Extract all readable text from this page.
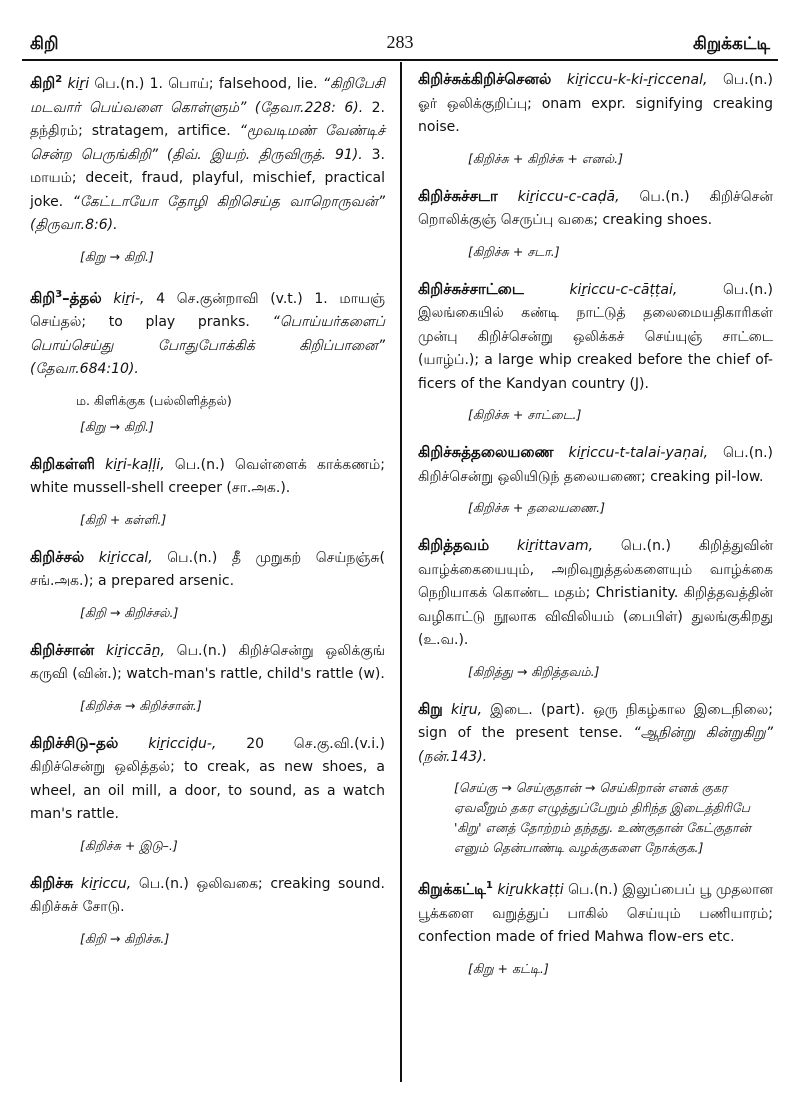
கிறி	283	கிறுக்கட்டி

கிறி$^2$ kiṟi பெ.(n.) 1. பொய்; falsehood, lie. “கிறிபேசி மடவார் பெய்வளை கொள்ளும்” (தேவா.228: 6). 2. தந்திரம்; stratagem, artifice. “மூவடிமண் வேண்டிச் சென்ற பெருங்கிறி” (திவ். இயற். திருவிருத். 91). 3. மாயம்; deceit, fraud, playful, mischief, practical joke. “கேட்டாயோ தோழி கிறிசெய்த வாறொருவன்” (திருவா.8:6).

[கிறு → கிறி.]

கிறி$^3$–த்தல் kiṟi-, 4 செ.குன்றாவி (v.t.) 1. மாயஞ் செய்தல்; to play pranks. “பொய்யர்களைப் பொய்செய்து போதுபோக்கிக் கிறிப்பானை” (தேவா.684:10).

ம. கிளிக்குக (பல்லிளித்தல்)
[கிறு → கிறி.]

கிறிகள்ளி kiṟi-kaḷḷi, பெ.(n.) வெள்ளைக் காக்கணம்; white mussell-shell creeper (சா.அக.).

[கிறி + கள்ளி.]

கிறிச்சல் kiṟiccal, பெ.(n.) தீ முறுகற் செய்நஞ்சு( சங்.அக.); a prepared arsenic.

[கிறி → கிறிச்சல்.]

கிறிச்சான் kiṟiccāṉ, பெ.(n.) கிறிச்சென்று ஒலிக்குங் கருவி (வின்.); watch-man's rattle, child's rattle (w).

[கிறிச்சு → கிறிச்சான்.]

கிறிச்சிடு–தல் kiṟicciḍu-, 20 செ.கு.வி.(v.i.) கிறிச்சென்று ஒலித்தல்; to creak, as new shoes, a wheel, an oil mill, a door, to sound, as a watch man's rattle.

[கிறிச்சு + இடு–.]

கிறிச்சு kiṟiccu, பெ.(n.) ஒலிவகை; creaking sound. கிறிச்சுச் சோடு.

[கிறி → கிறிச்சு.]

கிறிச்சுக்கிறிச்செனல் kiṟiccu-k-ki-ṟiccenal, பெ.(n.) ஓர் ஒலிக்குறிப்பு; onam expr. signifying creaking noise.

[கிறிச்சு + கிறிச்சு + எனல்.]

கிறிச்சுச்சடா kiṟiccu-c-caḍā, பெ.(n.) கிறிச்சென் றொலிக்குஞ் செருப்பு வகை; creaking shoes.

[கிறிச்சு + சடா.]

கிறிச்சுச்சாட்டை	kiṟiccu-c-cāṭṭai, பெ.(n.) இலங்கையில் கண்டி நாட்டுத் தலைமையதிகாரிகள் முன்பு கிறிச்சென்று ஒலிக்கச் செய்யுஞ் சாட்டை (யாழ்ப்.); a large whip creaked before the chief of-ficers of the Kandyan country (J).

[கிறிச்சு + சாட்டை.]

கிறிச்சுத்தலையணை kiṟiccu-t-talai-yaṇai, பெ.(n.) கிறிச்சென்று ஒலியிடுந் தலையணை; creaking pil-low.

[கிறிச்சு + தலையணை.]

கிறித்தவம் kiṟittavam, பெ.(n.) கிறித்துவின் வாழ்க்கையையும், அறிவுறுத்தல்களையும் வாழ்க்கை நெறியாகக் கொண்ட மதம்; Christianity. கிறித்தவத்தின் வழிகாட்டு நூலாக விவிலியம் (பைபிள்) துலங்குகிறது (உ.வ.).

[கிறித்து → கிறித்தவம்.]

கிறு kiṟu, இடை. (part). ஒரு நிகழ்கால இடைநிலை; sign of the present tense. “ஆநின்று கின்றுகிறு” (நன்.143).

[செய்கு → செய்குதான் → செய்கிறான் எனக் குகர ஏவலீறும் தகர எழுத்துப்பேறும் திரிந்த இடைத்திரிபே 'கிறு' எனத் தோற்றம் தந்தது. உண்குதான் கேட்குதான் எனும் தென்பாண்டி வழக்குகளை நோக்குக.]

கிறுக்கட்டி$^1$ kiṟukkaṭṭi பெ.(n.) இலுப்பைப் பூ முதலான பூக்களை வறுத்துப் பாகில் செய்யும் பணியாரம்; confection made of fried Mahwa flow-ers etc.

[கிறு + கட்டி.]
